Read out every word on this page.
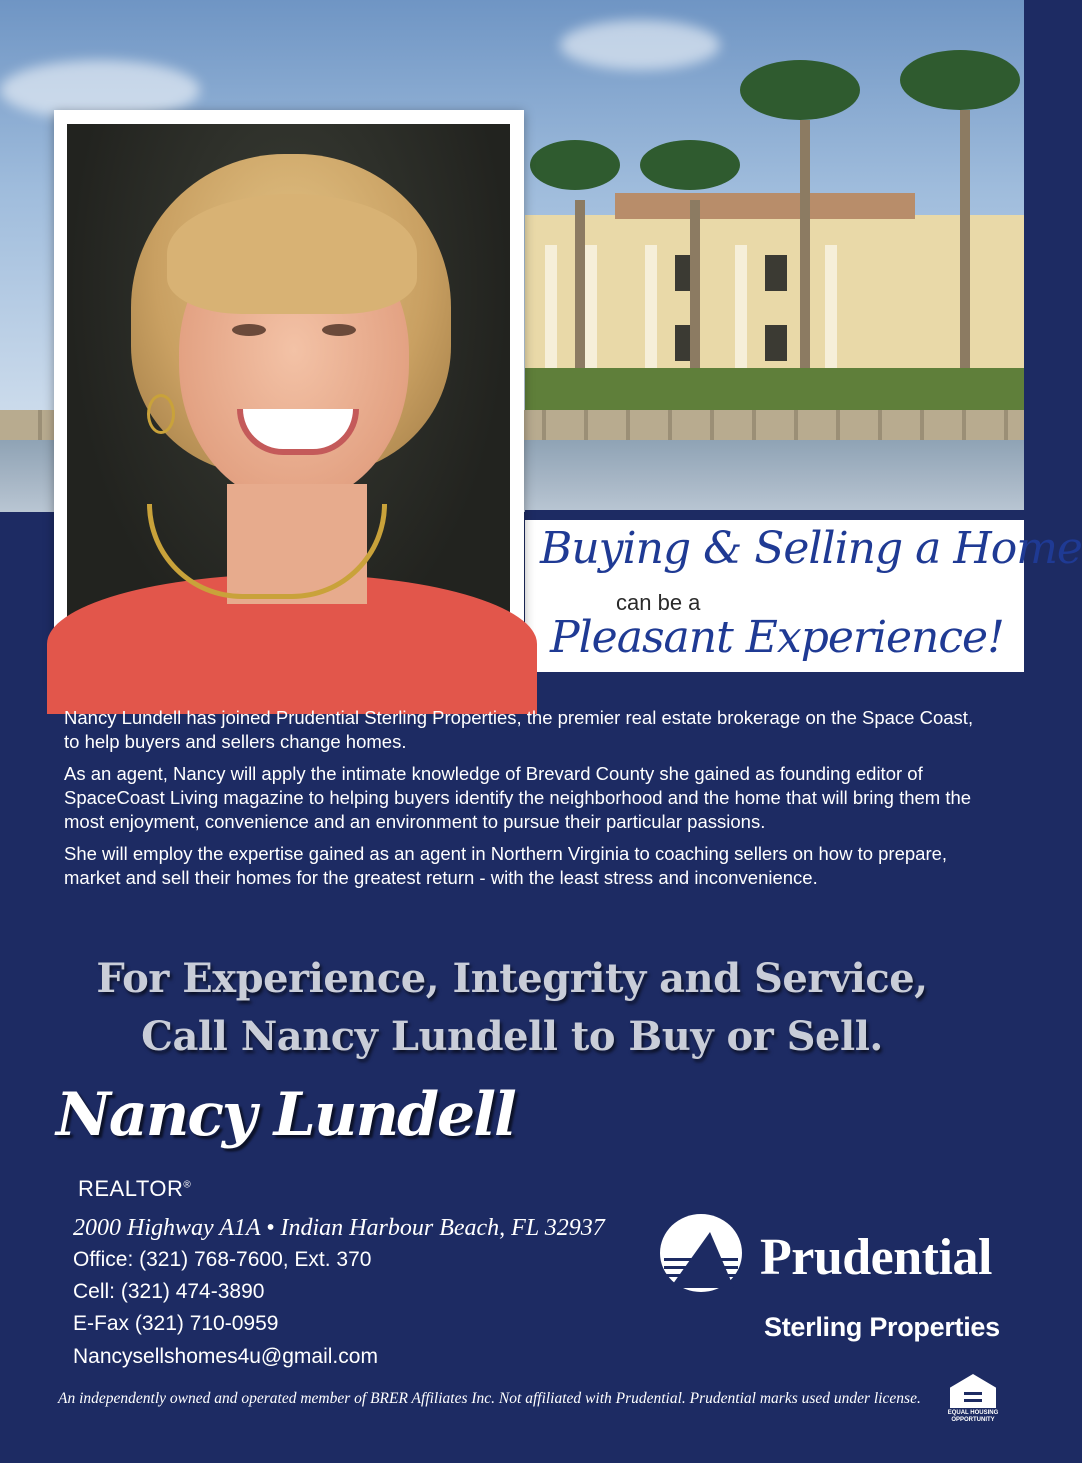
Buying & Selling a Home
can be a
Pleasant Experience!

Nancy Lundell has joined Prudential Sterling Properties, the premier real estate brokerage on the Space Coast, to help buyers and sellers change homes.

As an agent, Nancy will apply the intimate knowledge of Brevard County she gained as founding editor of SpaceCoast Living magazine to helping buyers identify the neighborhood and the home that will bring them the most enjoyment, convenience and an environment to pursue their particular passions.

She will employ the expertise gained as an agent in Northern Virginia to coaching sellers on how to prepare, market and sell their homes for the greatest return - with the least stress and inconvenience.

For Experience, Integrity and Service,
Call Nancy Lundell to Buy or Sell.
Nancy Lundell
REALTOR®
2000 Highway A1A • Indian Harbour Beach, FL 32937
Office: (321) 768-7600, Ext. 370
Cell: (321) 474-3890
E-Fax (321) 710-0959
Nancysellshomes4u@gmail.com
Prudential
Sterling Properties
An independently owned and operated member of BRER Affiliates Inc. Not affiliated with Prudential. Prudential marks used under license.
EQUAL HOUSING OPPORTUNITY
